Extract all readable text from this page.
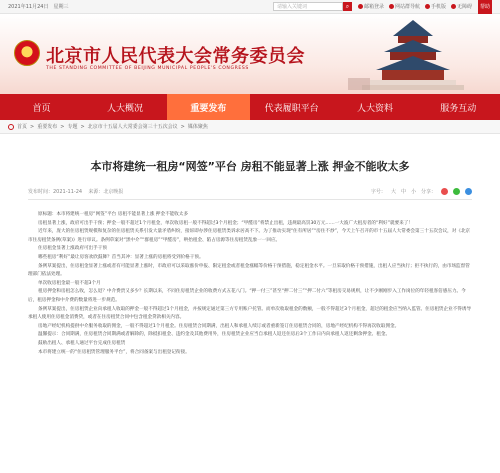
2021年11月24日　星期三	请输入关键词	⌕	邮箱登录 网站群导航 手机版 无障碍	帮助
北京市人民代表大会常务委员会
THE STANDING COMMITTEE OF BEIJING MUNICIPAL PEOPLE'S CONGRESS
首页	人大概况	重要发布	代表履职平台	人大资料	服务互动
首页 > 重要发布 > 专题 > 北京市十五届人大常委会第三十五次会议 > 媒体聚焦
本市将建统一租房“网签”平台 房租不能显著上涨 押金不能收太多
发布时间：2021-11-24 来源：北京晚报	字号： 大 中 小 分享：

原标题：本市将建统一租房“网签”平台 房租不能显著上涨 押金不能收太多

房租显著上涨，政府可出手干预；押金一般不超过1个月租金，单次收房租一般不得超过3个月租金；“甲醛房”将禁止出租，违规最高罚30万元……一大波广大租房者的“利好”就要来了！

近年来，庞大的住房租赁规模和复杂的住房租赁关系引发大量矛盾纠纷，接诉即办涉住房租赁类诉求居高不下。为了推动实现“住有所居”“房住不炒”，今天上午召开的市十五届人大常委会第三十五次会议，对《北京市住房租赁条例(草案)》进行审议。条例草案对“黑中介”“群租房”“甲醛房”，哄抬租金、陷占房源等住房租赁乱象一一回应。

住房租金显著上涨政府可出手干预

哪些租房“利好”最让房客欢欣鼓舞？首当其冲：显著上涨的房租将受到价格干预。

条例草案提出，住房租金显著上涨或者有可能显著上涨时，市政府可以采取涨价申报、限定租金或者租金涨幅等价格干预措施，稳定租金水平。一旦采取价格干预措施，出租人应当执行；拒不执行的，由市场监督管理部门依法处理。

单次收房租金最一般不超3个月

租房押金和房租怎么收，怎么退？中介费贵又多少？长期以来，不同住房租赁企业的收费方式五花八门。“押一付三”甚至“押二付三”“押二付六”等租房交易规则，让不少刚刚步入工作岗位的年轻租客倍感压力。今后，租房押金和中介费的数量将进一步规范。

条例草案提出，住房租赁企业向承租人收取的押金一般不得超过1个月租金，并按规定通过第三方专用账户托管。而单次收取租金的数额，一般不得超过3个月租金，超过的租金应当纳入监管。住房租赁企业不得诱导承租人使用住房租金消费贷，或者在住房租赁合同中包含租金贷款相关内容。

房地产经纪机构提供中介服务收取的佣金，一般不得超过1个月租金。住房租赁合同期满，出租人和承租人续订或者重新签订住房租赁合同的，房地产经纪机构不得再次收取佣金。

温馨提示：合同期满，住房租赁合同期满或者解除的，除抵扣租金、违约金及其他费用外，住房租赁企业应当自承租人返还住房后3个工作日内向承租人返还剩余押金、租金。

鼓励出租人、承租人通过平台完成住房租赁

本市将建立统一的“住房租赁管理服务平台”，将合同备案与出租登记衔接。
